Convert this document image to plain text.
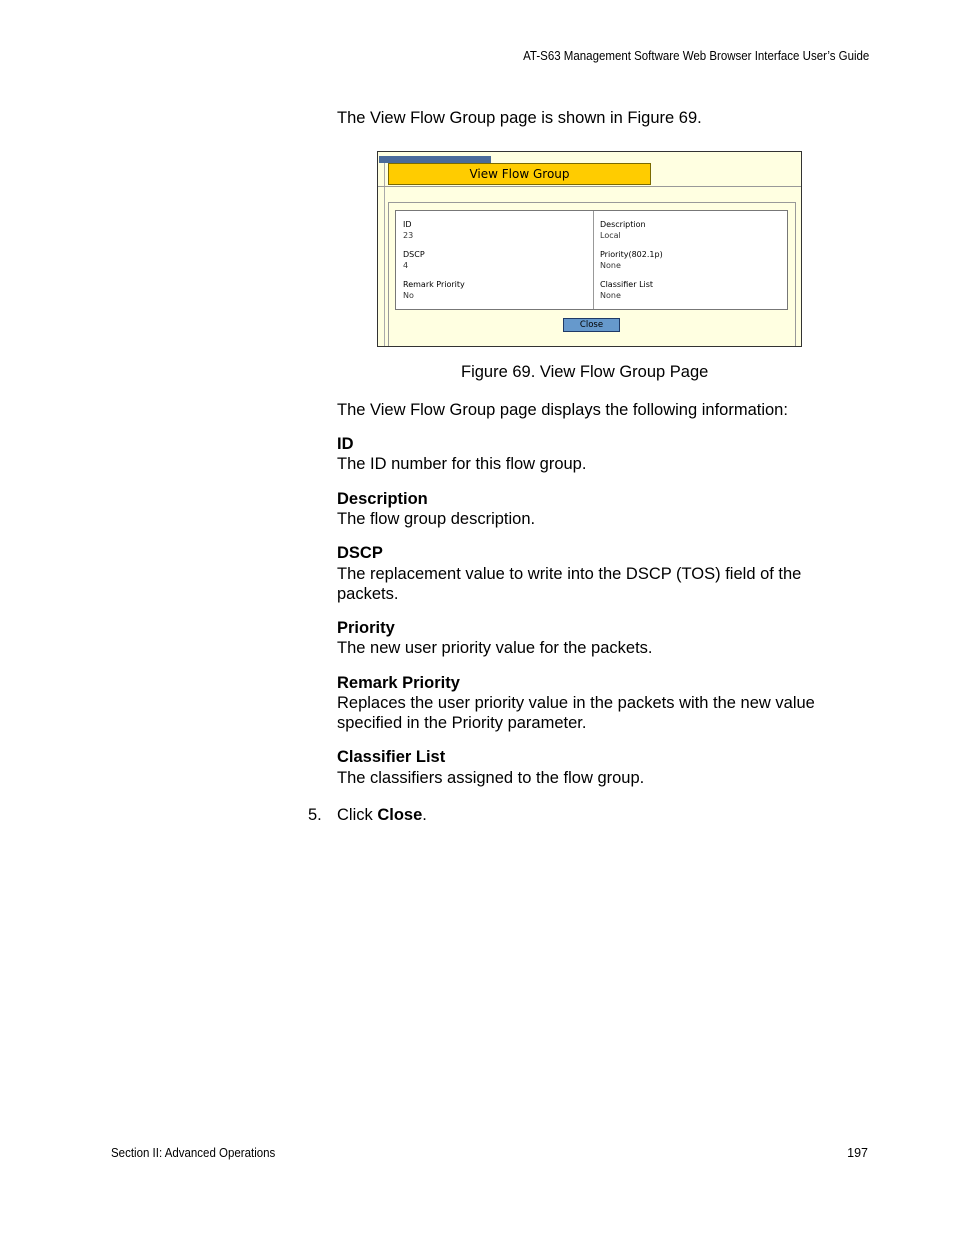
AT-S63 Management Software Web Browser Interface User’s Guide
The View Flow Group page is shown in Figure 69.
View Flow Group
ID
23
Description
Local
DSCP
4
Priority(802.1p)
None
Remark Priority
No
Classifier List
None
Close
Figure 69. View Flow Group Page
The View Flow Group page displays the following information:
ID
The ID number for this flow group.
Description
The flow group description.
DSCP
The replacement value to write into the DSCP (TOS) field of the
packets.
Priority
The new user priority value for the packets.
Remark Priority
Replaces the user priority value in the packets with the new value
specified in the Priority parameter.
Classifier List
The classifiers assigned to the flow group.
5. Click Close.
Section II: Advanced Operations	197
